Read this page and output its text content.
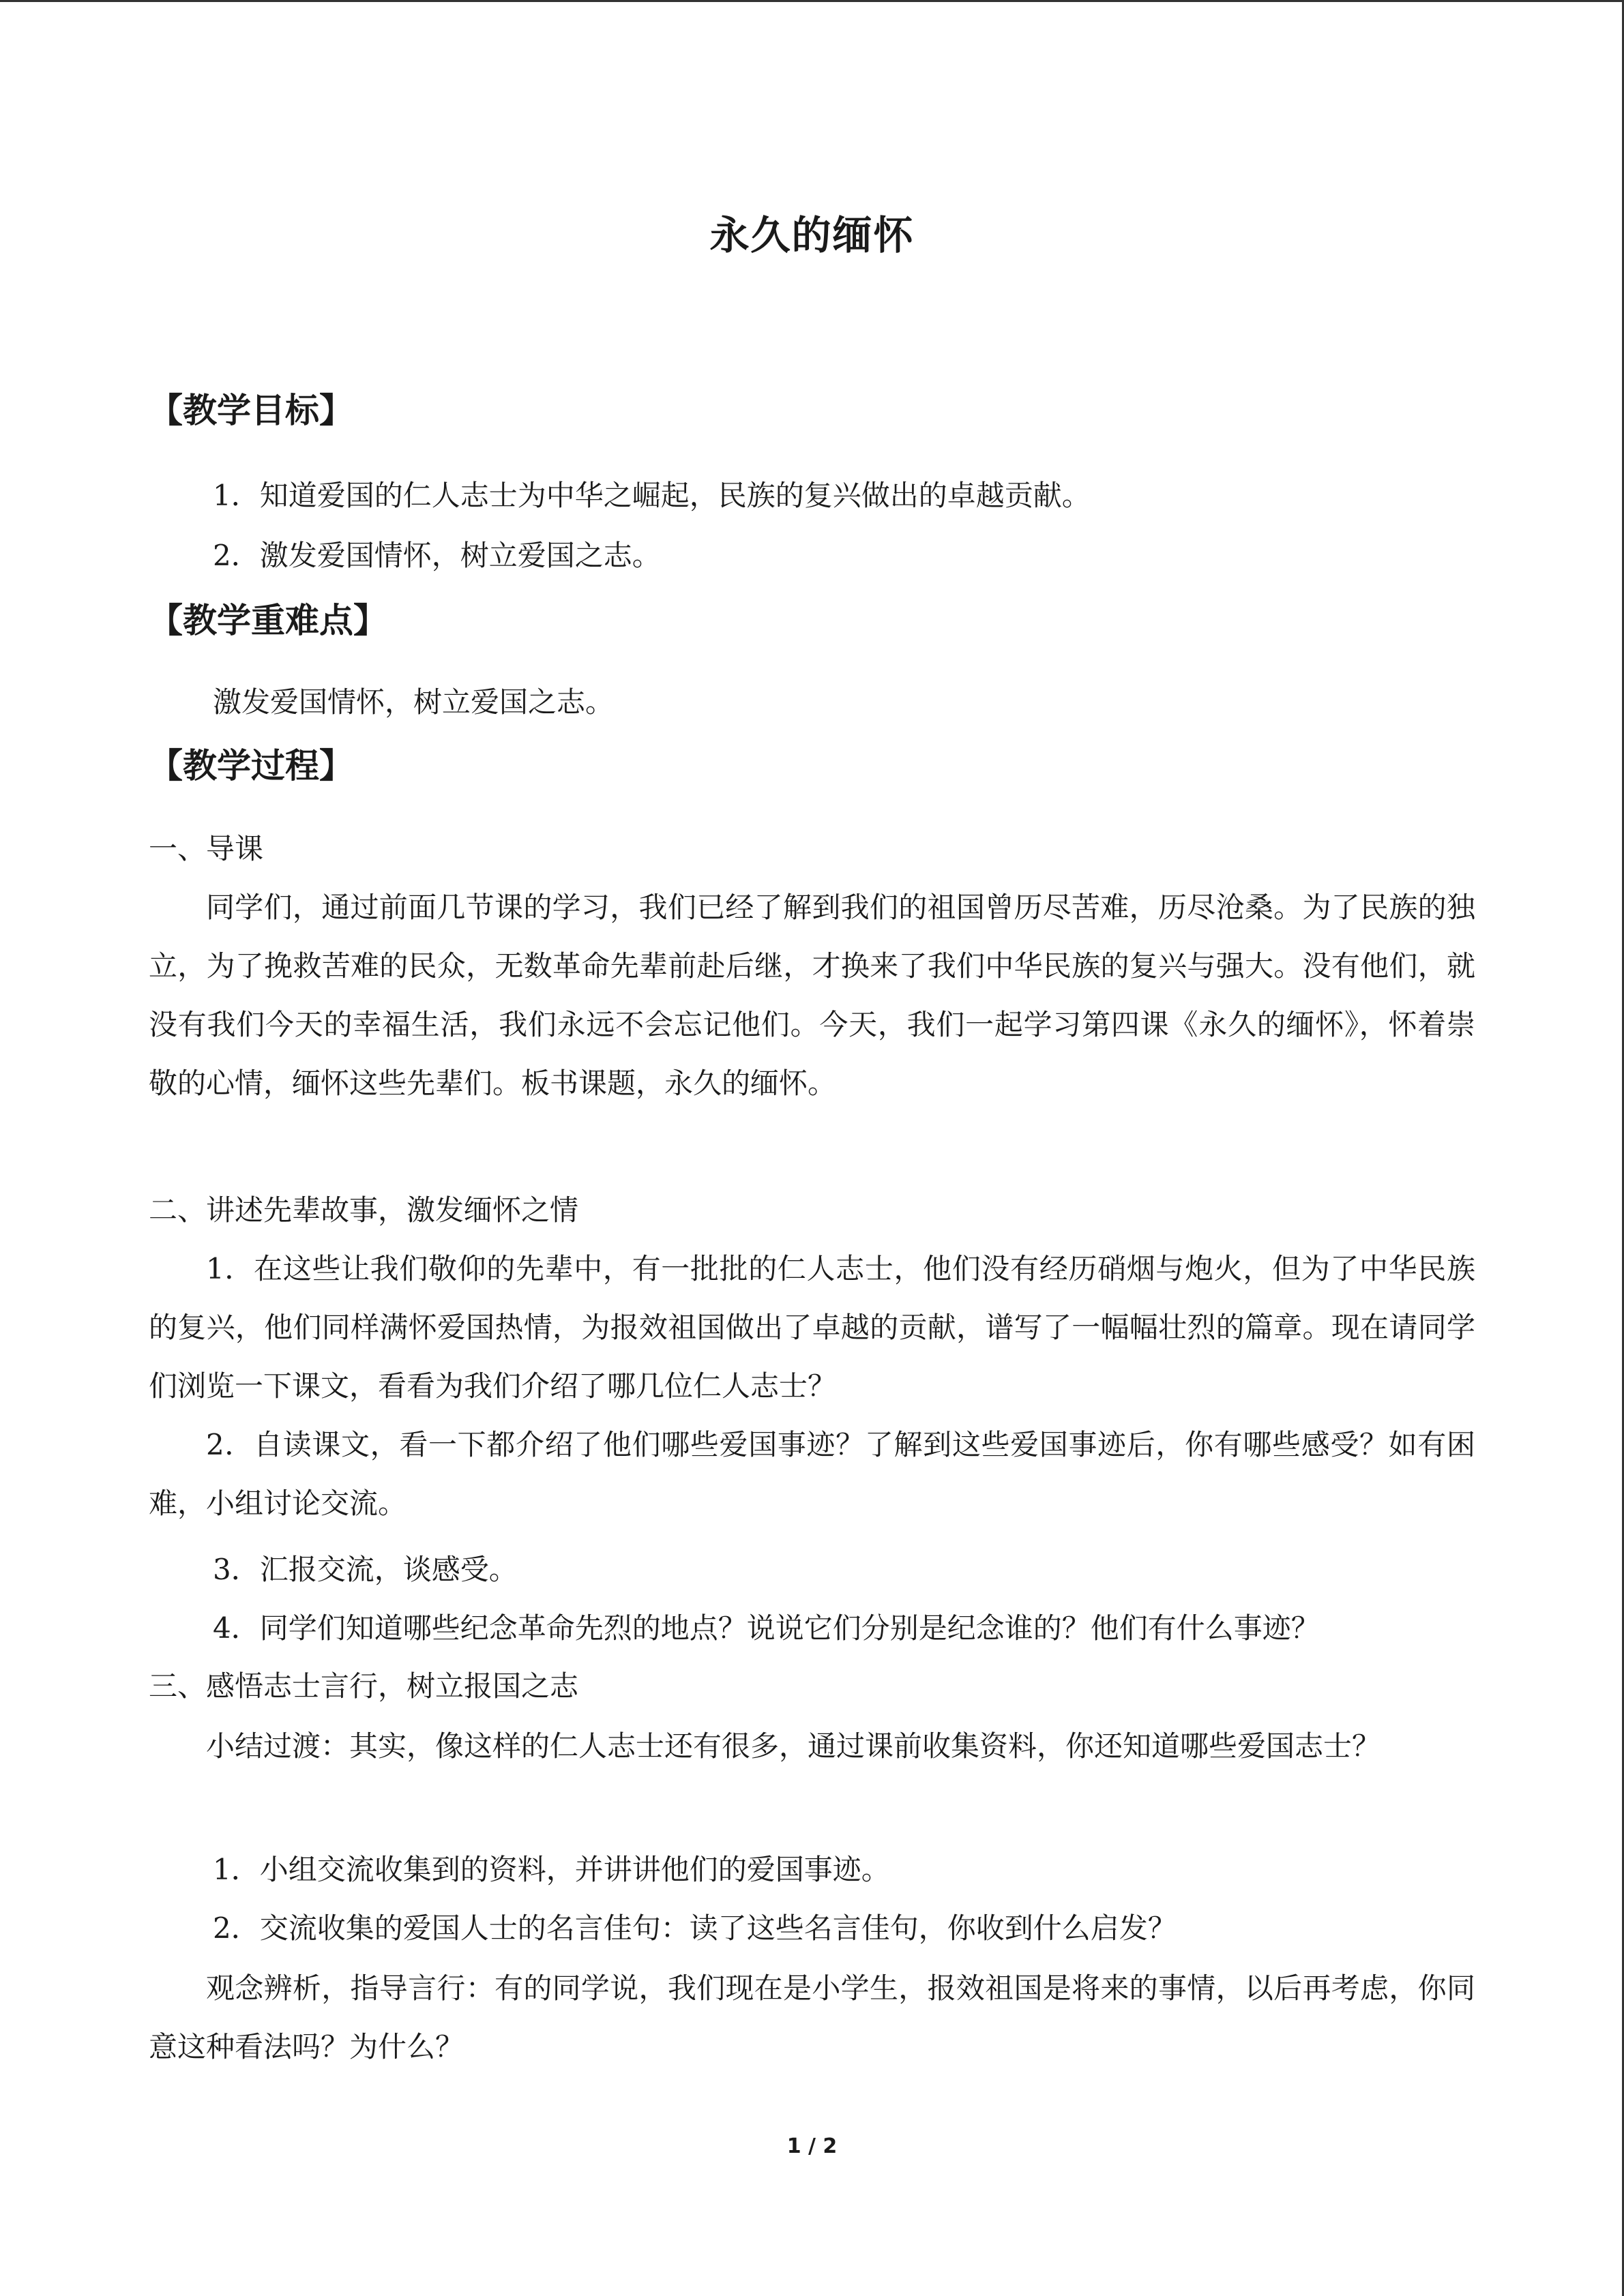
永久的缅怀
【教学目标】
1．知道爱国的仁人志士为中华之崛起，民族的复兴做出的卓越贡献。
2．激发爱国情怀，树立爱国之志。
【教学重难点】
激发爱国情怀，树立爱国之志。
【教学过程】
一、导课

同学们，通过前面几节课的学习，我们已经了解到我们的祖国曾历尽苦难，历尽沧桑。为了民族的独立，为了挽救苦难的民众，无数革命先辈前赴后继，才换来了我们中华民族的复兴与强大。没有他们，就没有我们今天的幸福生活，我们永远不会忘记他们。今天，我们一起学习第四课《永久的缅怀》，怀着崇敬的心情，缅怀这些先辈们。板书课题，永久的缅怀。

二、讲述先辈故事，激发缅怀之情

1．在这些让我们敬仰的先辈中，有一批批的仁人志士，他们没有经历硝烟与炮火，但为了中华民族的复兴，他们同样满怀爱国热情，为报效祖国做出了卓越的贡献，谱写了一幅幅壮烈的篇章。现在请同学们浏览一下课文，看看为我们介绍了哪几位仁人志士？

2．自读课文，看一下都介绍了他们哪些爱国事迹？了解到这些爱国事迹后，你有哪些感受？如有困难，小组讨论交流。

3．汇报交流，谈感受。
4．同学们知道哪些纪念革命先烈的地点？说说它们分别是纪念谁的？他们有什么事迹？
三、感悟志士言行，树立报国之志

小结过渡：其实，像这样的仁人志士还有很多，通过课前收集资料，你还知道哪些爱国志士？

1．小组交流收集到的资料，并讲讲他们的爱国事迹。
2．交流收集的爱国人士的名言佳句：读了这些名言佳句，你收到什么启发？

观念辨析，指导言行：有的同学说，我们现在是小学生，报效祖国是将来的事情，以后再考虑，你同意这种看法吗？为什么？

1 / 2
